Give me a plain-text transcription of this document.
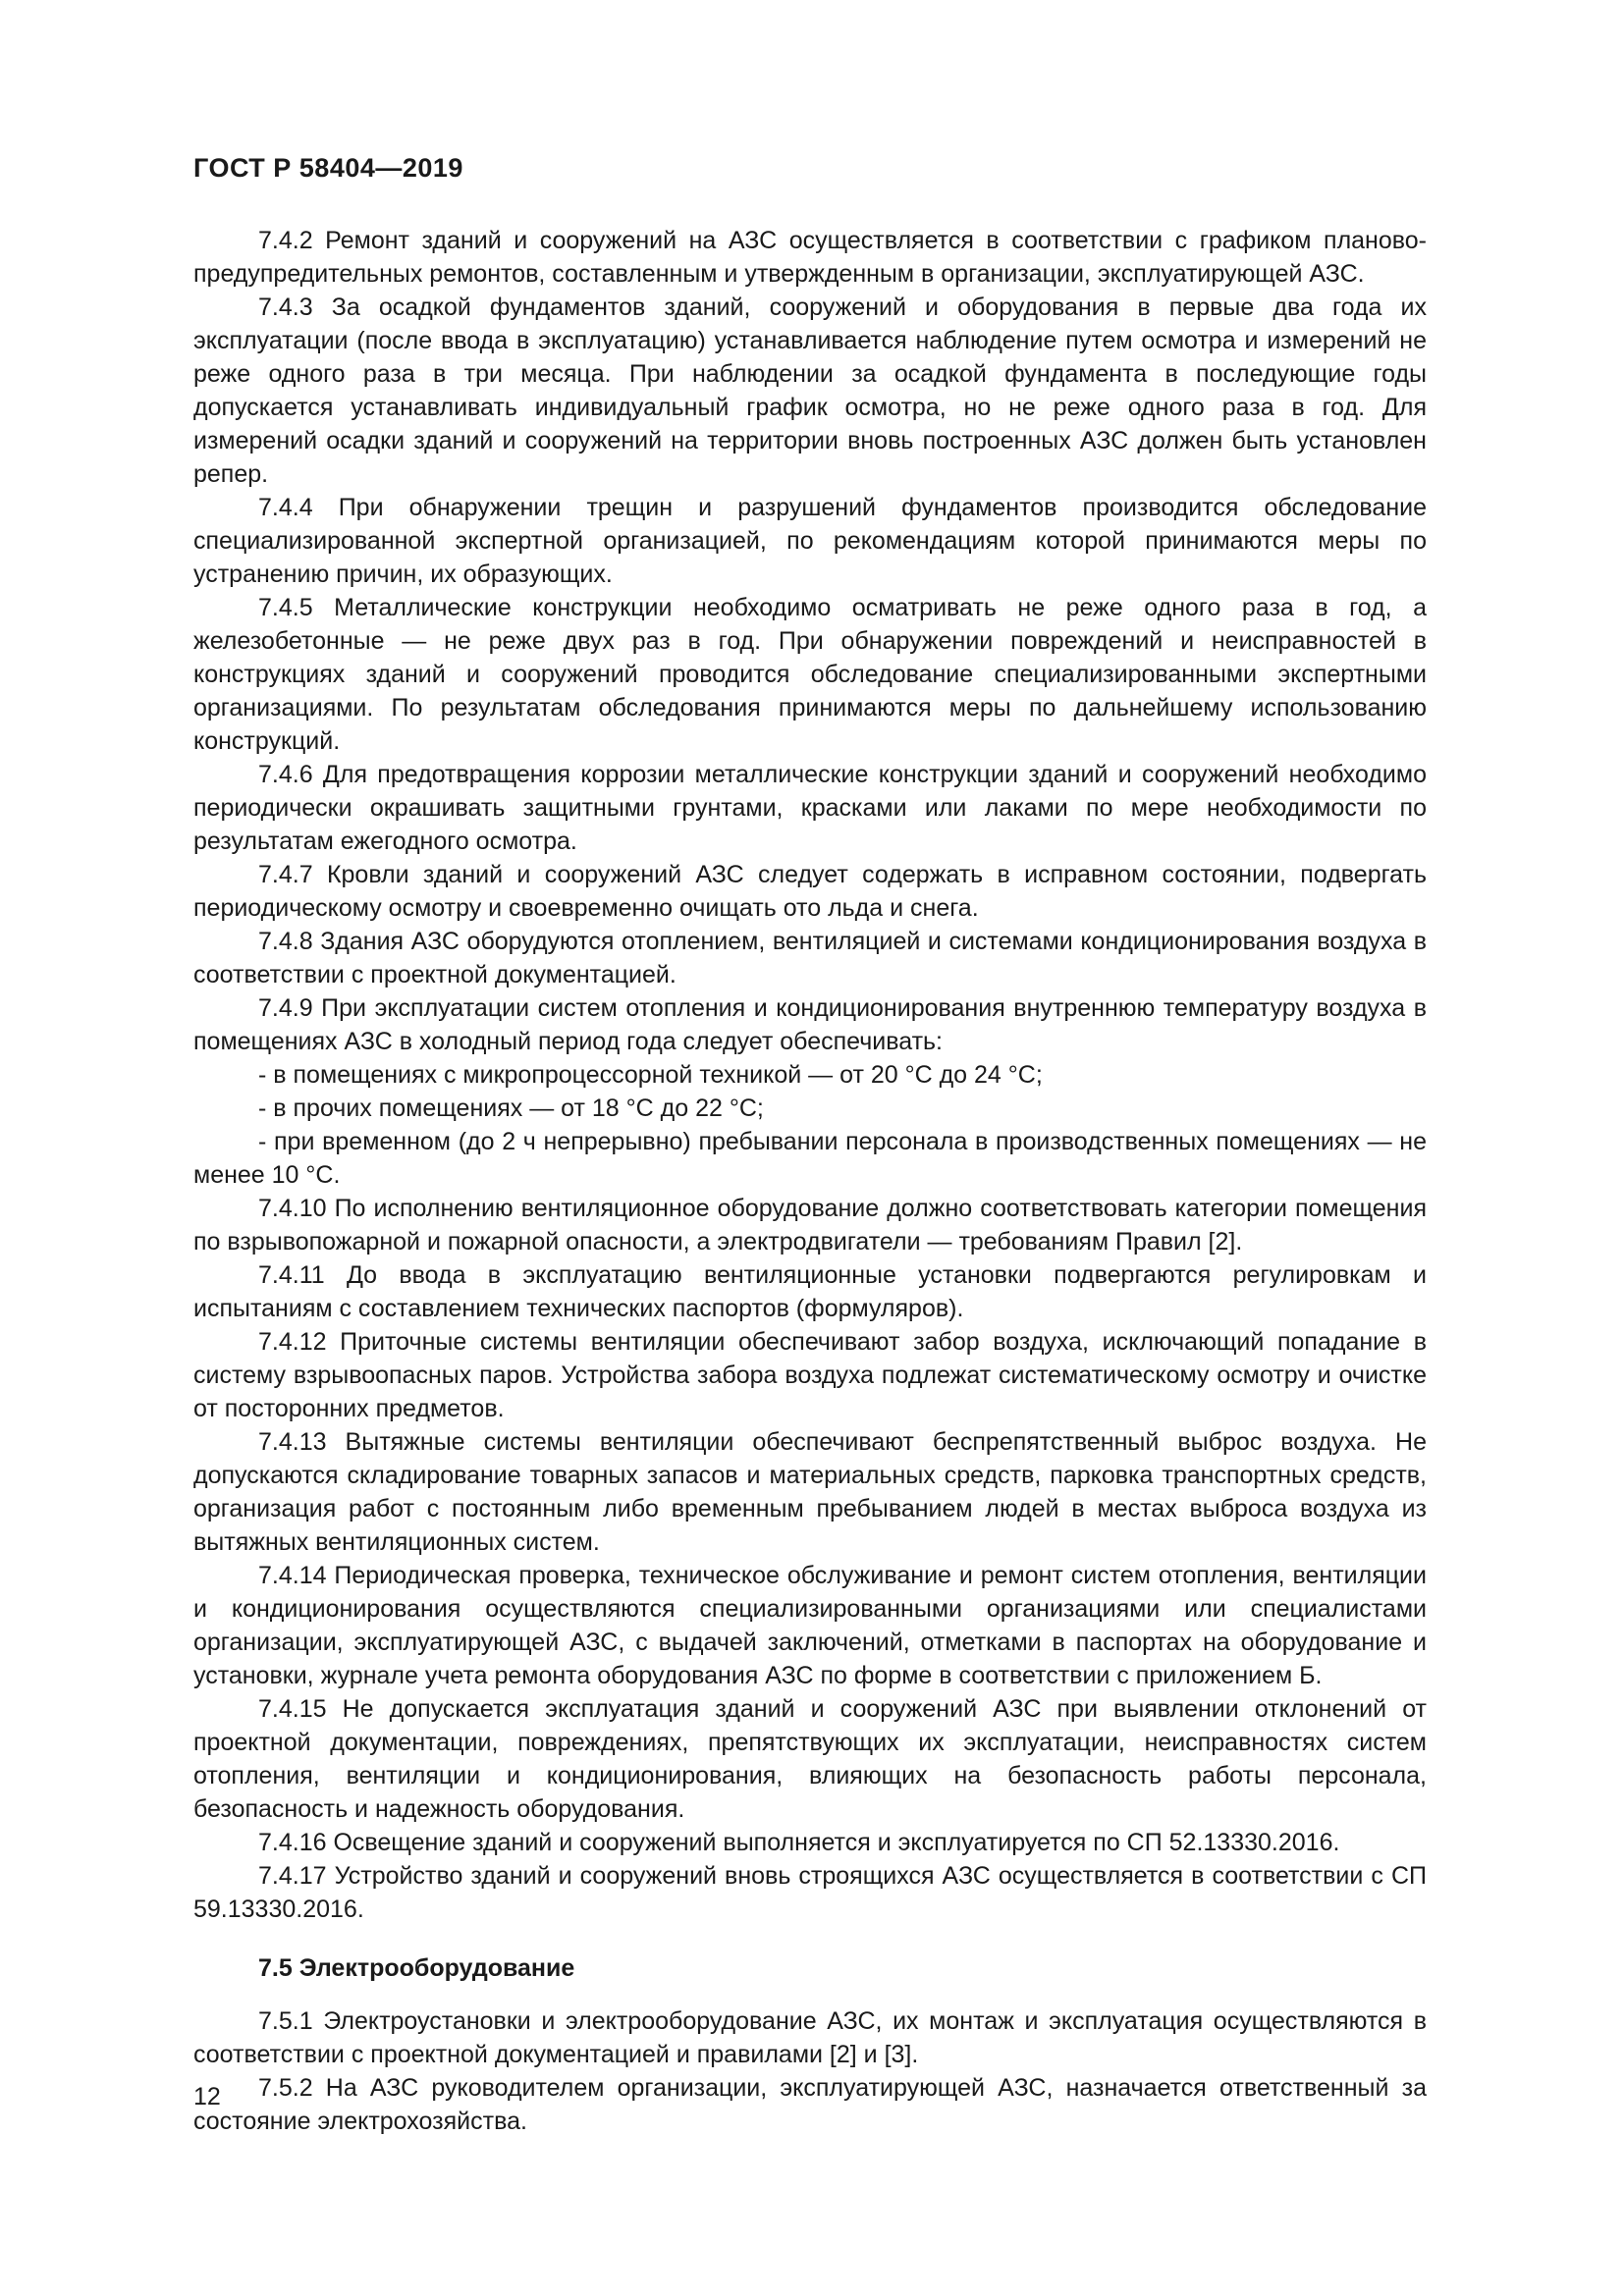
ГОСТ Р 58404—2019

7.4.2 Ремонт зданий и сооружений на АЗС осуществляется в соответствии с графиком планово-предупредительных ремонтов, составленным и утвержденным в организации, эксплуатирующей АЗС.

7.4.3 За осадкой фундаментов зданий, сооружений и оборудования в первые два года их эксплуатации (после ввода в эксплуатацию) устанавливается наблюдение путем осмотра и измерений не реже одного раза в три месяца. При наблюдении за осадкой фундамента в последующие годы допускается устанавливать индивидуальный график осмотра, но не реже одного раза в год. Для измерений осадки зданий и сооружений на территории вновь построенных АЗС должен быть установлен репер.

7.4.4 При обнаружении трещин и разрушений фундаментов производится обследование специализированной экспертной организацией, по рекомендациям которой принимаются меры по устранению причин, их образующих.

7.4.5 Металлические конструкции необходимо осматривать не реже одного раза в год, а железобетонные — не реже двух раз в год. При обнаружении повреждений и неисправностей в конструкциях зданий и сооружений проводится обследование специализированными экспертными организациями. По результатам обследования принимаются меры по дальнейшему использованию конструкций.

7.4.6 Для предотвращения коррозии металлические конструкции зданий и сооружений необходимо периодически окрашивать защитными грунтами, красками или лаками по мере необходимости по результатам ежегодного осмотра.

7.4.7 Кровли зданий и сооружений АЗС следует содержать в исправном состоянии, подвергать периодическому осмотру и своевременно очищать ото льда и снега.

7.4.8 Здания АЗС оборудуются отоплением, вентиляцией и системами кондиционирования воздуха в соответствии с проектной документацией.

7.4.9 При эксплуатации систем отопления и кондиционирования внутреннюю температуру воздуха в помещениях АЗС в холодный период года следует обеспечивать:

- в помещениях с микропроцессорной техникой — от 20 °С до 24 °С;

- в прочих помещениях — от 18 °С до 22 °С;

- при временном (до 2 ч непрерывно) пребывании персонала в производственных помещениях — не менее 10 °С.

7.4.10 По исполнению вентиляционное оборудование должно соответствовать категории помещения по взрывопожарной и пожарной опасности, а электродвигатели — требованиям Правил [2].

7.4.11 До ввода в эксплуатацию вентиляционные установки подвергаются регулировкам и испытаниям с составлением технических паспортов (формуляров).

7.4.12 Приточные системы вентиляции обеспечивают забор воздуха, исключающий попадание в систему взрывоопасных паров. Устройства забора воздуха подлежат систематическому осмотру и очистке от посторонних предметов.

7.4.13 Вытяжные системы вентиляции обеспечивают беспрепятственный выброс воздуха. Не допускаются складирование товарных запасов и материальных средств, парковка транспортных средств, организация работ с постоянным либо временным пребыванием людей в местах выброса воздуха из вытяжных вентиляционных систем.

7.4.14 Периодическая проверка, техническое обслуживание и ремонт систем отопления, вентиляции и кондиционирования осуществляются специализированными организациями или специалистами организации, эксплуатирующей АЗС, с выдачей заключений, отметками в паспортах на оборудование и установки, журнале учета ремонта оборудования АЗС по форме в соответствии с приложением Б.

7.4.15 Не допускается эксплуатация зданий и сооружений АЗС при выявлении отклонений от проектной документации, повреждениях, препятствующих их эксплуатации, неисправностях систем отопления, вентиляции и кондиционирования, влияющих на безопасность работы персонала, безопасность и надежность оборудования.

7.4.16 Освещение зданий и сооружений выполняется и эксплуатируется по СП 52.13330.2016.

7.4.17 Устройство зданий и сооружений вновь строящихся АЗС осуществляется в соответствии с СП 59.13330.2016.

7.5 Электрооборудование

7.5.1 Электроустановки и электрооборудование АЗС, их монтаж и эксплуатация осуществляются в соответствии с проектной документацией и правилами [2] и [3].

7.5.2 На АЗС руководителем организации, эксплуатирующей АЗС, назначается ответственный за состояние электрохозяйства.

12
